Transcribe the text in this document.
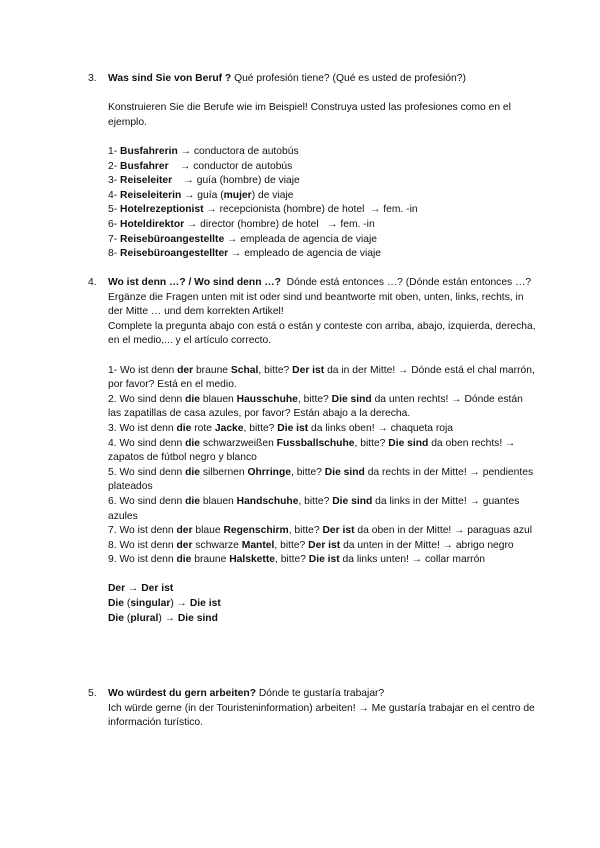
3. Was sind Sie von Beruf ? Qué profesión tiene? (Qué es usted de profesión?)

Konstruieren Sie die Berufe wie im Beispiel! Construya usted las profesiones como en el ejemplo.

1- Busfahrerin → conductora de autobús

2- Busfahrer    → conductor de autobús

3- Reiseleiter    → guía (hombre) de viaje

4- Reiseleiterin → guía (mujer) de viaje

5- Hotelrezeptionist → recepcionista (hombre) de hotel  → fem. -in

6- Hoteldirektor → director (hombre) de hotel   → fem. -in

7- Reisebüroangestellte → empleada de agencia de viaje

8- Reisebüroangestellter → empleado de agencia de viaje

4. Wo ist denn …? / Wo sind denn …?  Dónde está entonces …? (Dónde están entonces …?

Ergänze die Fragen unten mit ist oder sind und beantworte mit oben, unten, links, rechts, in der Mitte … und dem korrekten Artikel!

Complete la pregunta abajo con está o están y conteste con arriba, abajo, izquierda, derecha, en el medio,... y el artículo correcto.

1- Wo ist denn der braune Schal, bitte? Der ist da in der Mitte! → Dónde está el chal marrón, por favor? Está en el medio.

2. Wo sind denn die blauen Hausschuhe, bitte? Die sind da unten rechts! → Dónde están las zapatillas de casa azules, por favor? Están abajo a la derecha.

3. Wo ist denn die rote Jacke, bitte? Die ist da links oben! → chaqueta roja

4. Wo sind denn die schwarzweißen Fussballschuhe, bitte? Die sind da oben rechts! → zapatos de fútbol negro y blanco

5. Wo sind denn die silbernen Ohrringe, bitte? Die sind da rechts in der Mitte! → pendientes plateados

6. Wo sind denn die blauen Handschuhe, bitte? Die sind da links in der Mitte! → guantes azules

7. Wo ist denn der blaue Regenschirm, bitte? Der ist da oben in der Mitte! → paraguas azul

8. Wo ist denn der schwarze Mantel, bitte? Der ist da unten in der Mitte! → abrigo negro

9. Wo ist denn die braune Halskette, bitte? Die ist da links unten! → collar marrón

Der → Der ist

Die (singular) → Die ist

Die (plural) → Die sind

5. Wo würdest du gern arbeiten? Dónde te gustaría trabajar?

Ich würde gerne (in der Touristeninformation) arbeiten! → Me gustaría trabajar en el centro de información turístico.
